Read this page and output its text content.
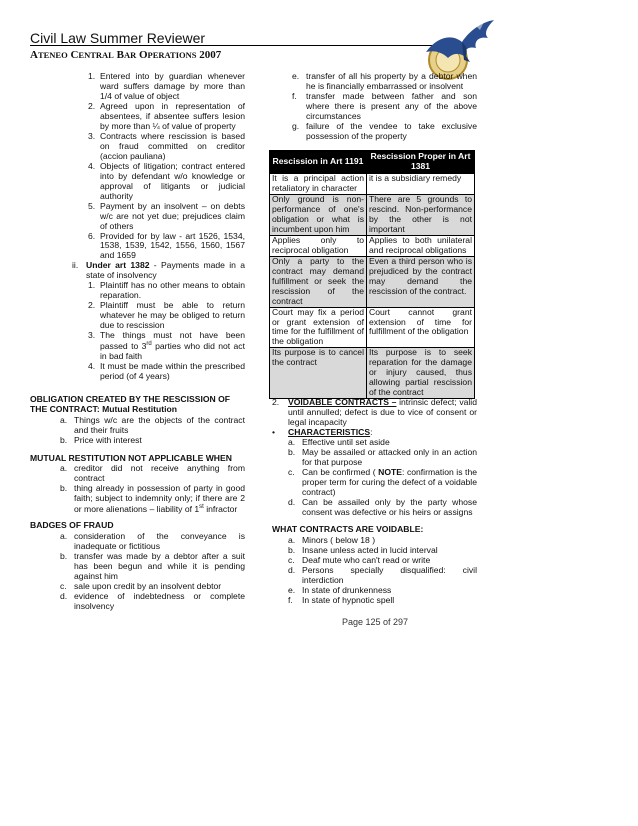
Civil Law Summer Reviewer
ATENEO CENTRAL BAR OPERATIONS 2007
1. Entered into by guardian whenever ward suffers damage by more than 1/4 of value of object
2. Agreed upon in representation of absentees, if absentee suffers lesion by more than ¼ of value of property
3. Contracts where rescission is based on fraud committed on creditor (accion pauliana)
4. Objects of litigation; contract entered into by defendant w/o knowledge or approval of litigants or judicial authority
5. Payment by an insolvent – on debts w/c are not yet due; prejudices claim of others
6. Provided for by law - art 1526, 1534, 1538, 1539, 1542, 1556, 1560, 1567 and 1659
ii. Under art 1382 - Payments made in a state of insolvency
1. Plaintiff has no other means to obtain reparation.
2. Plaintiff must be able to return whatever he may be obliged to return due to rescission
3. The things must not have been passed to 3rd parties who did not act in bad faith
4. It must be made within the prescribed period (of 4 years)
OBLIGATION CREATED BY THE RESCISSION OF THE CONTRACT: Mutual Restitution
a. Things w/c are the objects of the contract and their fruits
b. Price with interest
MUTUAL RESTITUTION NOT APPLICABLE WHEN
a. creditor did not receive anything from contract
b. thing already in possession of party in good faith; subject to indemnity only; if there are 2 or more alienations – liability of 1st infractor
BADGES OF FRAUD
a. consideration of the conveyance is inadequate or fictitious
b. transfer was made by a debtor after a suit has been begun and while it is pending against him
c. sale upon credit by an insolvent debtor
d. evidence of indebtedness or complete insolvency
e. transfer of all his property by a debtor when he is financially embarrassed or insolvent
f. transfer made between father and son where there is present any of the above circumstances
g. failure of the vendee to take exclusive possession of the property
Rescission in Art 1191	Rescission Proper in Art 1381
It is a principal action retaliatory in character	it is a subsidiary remedy
Only ground is non-performance of one's obligation or what is incumbent upon him	There are 5 grounds to rescind. Non-performance by the other is not important
Applies only to reciprocal obligation	Applies to both unilateral and reciprocal obligations
Only a party to the contract may demand fulfillment or seek the rescission of the contract	Even a third person who is prejudiced by the contract may demand the rescission of the contract.
Court may fix a period or grant extension of time for the fulfillment of the obligation	Court cannot grant extension of time for fulfillment of the obligation
Its purpose is to cancel the contract	Its purpose is to seek reparation for the damage or injury caused, thus allowing partial rescission of the contract
2. VOIDABLE CONTRACTS – intrinsic defect; valid until annulled; defect is due to vice of consent or legal incapacity
• CHARACTERISTICS:
a. Effective until set aside
b. May be assailed or attacked only in an action for that purpose
c. Can be confirmed ( NOTE: confirmation is the proper term for curing the defect of a voidable contract)
d. Can be assailed only by the party whose consent was defective or his heirs or assigns
WHAT CONTRACTS ARE VOIDABLE:
a. Minors ( below 18 )
b. Insane unless acted in lucid interval
c. Deaf mute who can't read or write
d. Persons specially disqualified: civil interdiction
e. In state of drunkenness
f. In state of hypnotic spell
Page 125 of 297
